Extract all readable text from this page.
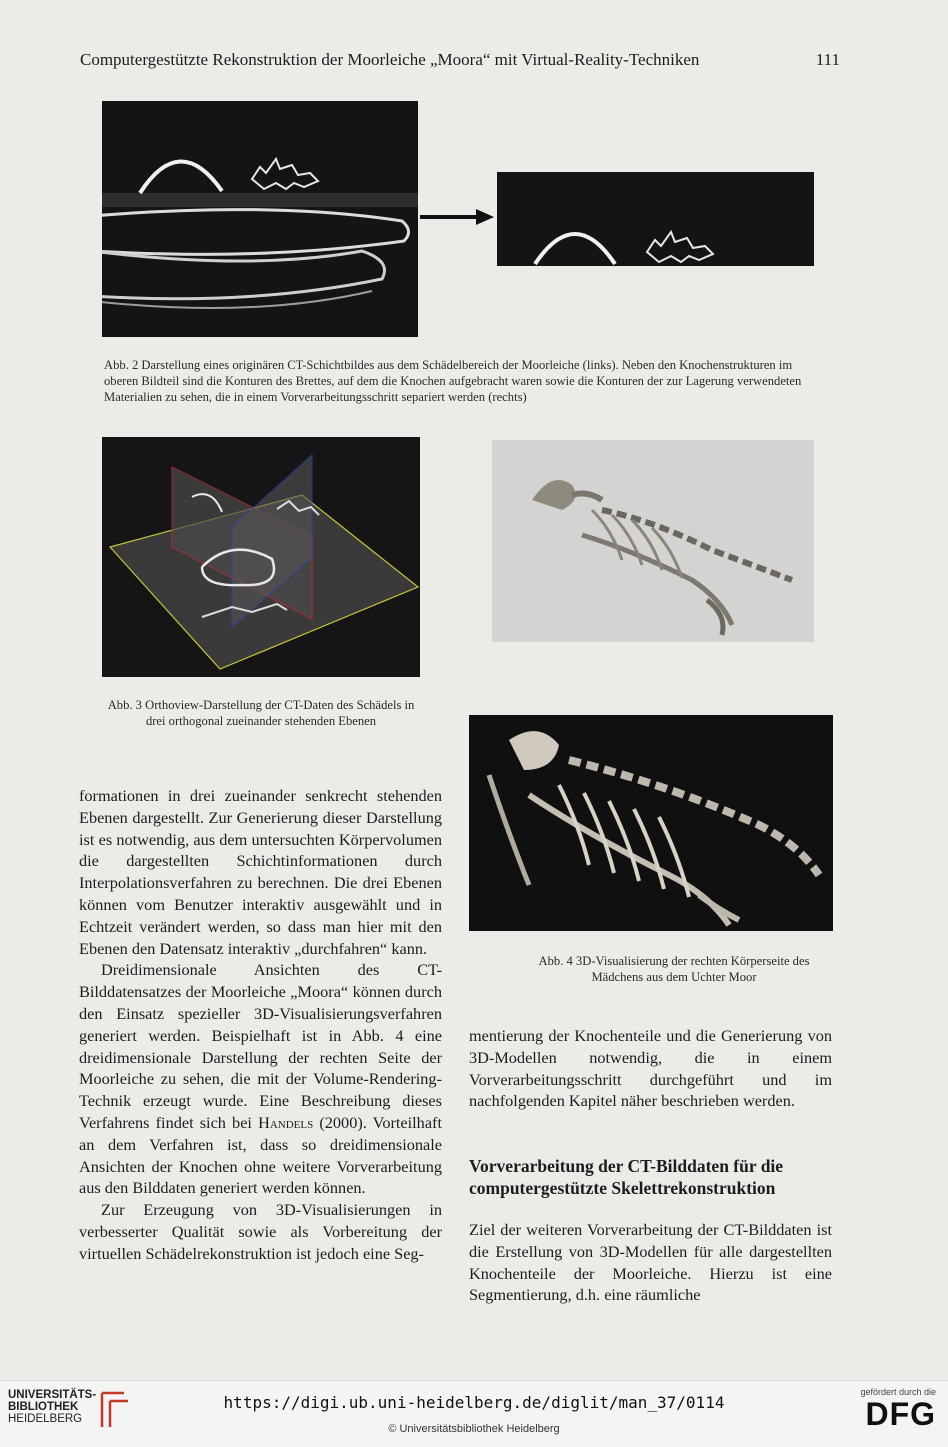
Computergestützte Rekonstruktion der Moorleiche „Moora“ mit Virtual-Reality-Techniken	111
Abb. 2 Darstellung eines originären CT-Schichtbildes aus dem Schädelbereich der Moorleiche (links). Neben den Knochenstrukturen im oberen Bildteil sind die Konturen des Brettes, auf dem die Knochen aufgebracht waren sowie die Konturen der zur Lagerung verwendeten Materialien zu sehen, die in einem Vorverarbeitungsschritt separiert werden (rechts)
Abb. 3 Orthoview-Darstellung der CT-Daten des Schädels in drei orthogonal zueinander stehenden Ebenen
Abb. 4 3D-Visualisierung der rechten Körperseite des Mädchens aus dem Uchter Moor

formationen in drei zueinander senkrecht stehenden Ebenen dargestellt. Zur Generierung dieser Darstellung ist es notwendig, aus dem untersuchten Körpervolumen die dargestellten Schichtinformationen durch Interpolationsverfahren zu berechnen. Die drei Ebenen können vom Benutzer interaktiv ausgewählt und in Echtzeit verändert werden, so dass man hier mit den Ebenen den Datensatz interaktiv „durchfahren“ kann.

Dreidimensionale Ansichten des CT-Bilddatensatzes der Moorleiche „Moora“ können durch den Einsatz spezieller 3D-Visualisierungsverfahren generiert werden. Beispielhaft ist in Abb. 4 eine dreidimensionale Darstellung der rechten Seite der Moorleiche zu sehen, die mit der Volume-Rendering-Technik erzeugt wurde. Eine Beschreibung dieses Verfahrens findet sich bei Handels (2000). Vorteilhaft an dem Verfahren ist, dass so dreidimensionale Ansichten der Knochen ohne weitere Vorverarbeitung aus den Bilddaten generiert werden können.

Zur Erzeugung von 3D-Visualisierungen in verbesserter Qualität sowie als Vorbereitung der virtuellen Schädelrekonstruktion ist jedoch eine Seg-

mentierung der Knochenteile und die Generierung von 3D-Modellen notwendig, die in einem Vorverarbeitungsschritt durchgeführt und im nachfolgenden Kapitel näher beschrieben werden.

Vorverarbeitung der CT-Bilddaten für die computergestützte Skelettrekonstruktion

Ziel der weiteren Vorverarbeitung der CT-Bilddaten ist die Erstellung von 3D-Modellen für alle dargestellten Knochenteile der Moorleiche. Hierzu ist eine Segmentierung, d.h. eine räumliche

UNIVERSITÄTS-
BIBLIOTHEK
HEIDELBERG
https://digi.ub.uni-heidelberg.de/diglit/man_37/0114
© Universitätsbibliothek Heidelberg
gefördert durch die
DFG
